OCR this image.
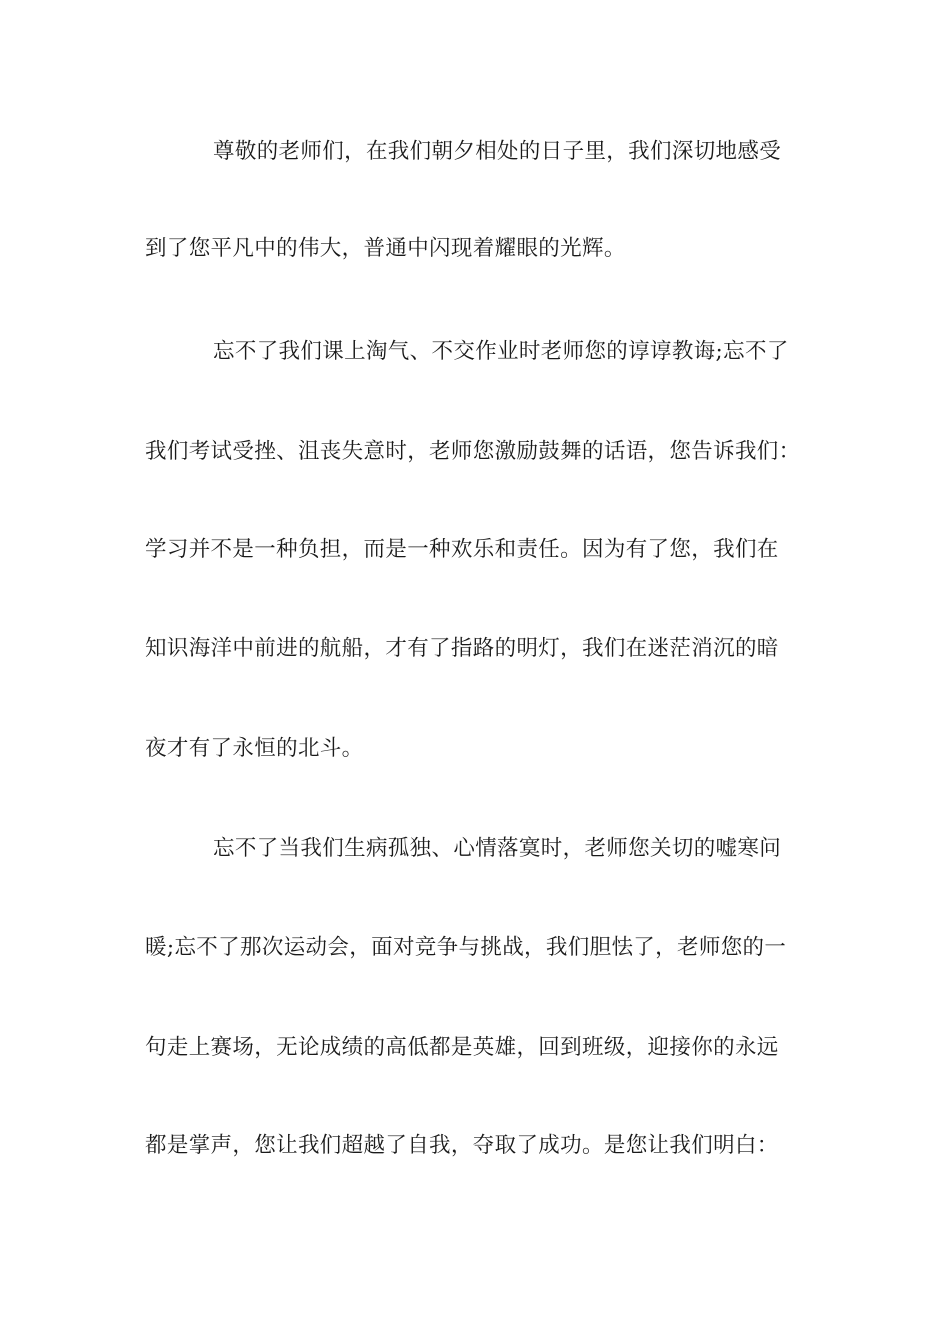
尊敬的老师们，在我们朝夕相处的日子里，我们深切地感受
到了您平凡中的伟大，普通中闪现着耀眼的光辉。
忘不了我们课上淘气、不交作业时老师您的谆谆教诲;忘不了
我们考试受挫、沮丧失意时，老师您激励鼓舞的话语，您告诉我们：
学习并不是一种负担，而是一种欢乐和责任。因为有了您，我们在
知识海洋中前进的航船，才有了指路的明灯，我们在迷茫消沉的暗
夜才有了永恒的北斗。
忘不了当我们生病孤独、心情落寞时，老师您关切的嘘寒问
暖;忘不了那次运动会，面对竞争与挑战，我们胆怯了，老师您的一
句走上赛场，无论成绩的高低都是英雄，回到班级，迎接你的永远
都是掌声，您让我们超越了自我，夺取了成功。是您让我们明白：
